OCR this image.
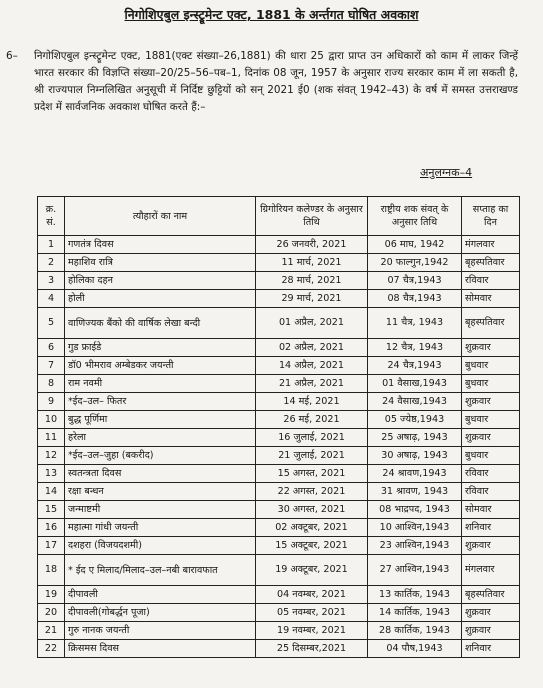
निगोशिएबुल इन्स्ट्रूमेन्ट एक्ट, 1881 के अर्न्तगत घोषित अवकाश
6– निगोशिएबुल इन्स्ट्रूमेन्ट एक्ट, 1881(एक्ट संख्या–26,1881) की धारा 25 द्वारा प्राप्त उन अधिकारों को काम में लाकर जिन्हें भारत सरकार की विज्ञप्ति संख्या–20/25–56–पब–1, दिनांक 08 जून, 1957 के अनुसार राज्य सरकार काम में ला सकती है, श्री राज्यपाल निम्नलिखित अनुसूची में निर्दिष्ट छुट्टियों को सन् 2021 ई0 (शक संवत् 1942–43) के वर्ष में समस्त उत्तराखण्ड प्रदेश में सार्वजनिक अवकाश घोषित करते हैं:–
अनुलग्नक–4
क्र. सं.	त्यौहारों का नाम	ग्रिगोरियन कलेण्डर के अनुसार तिथि	राष्ट्रीय शक संवत् के अनुसार तिथि	सप्ताह का दिन
1	गणतंत्र दिवस	26 जनवरी, 2021	06 माघ, 1942	मंगलवार
2	महाशिव रात्रि	11 मार्च, 2021	20 फाल्गुन,1942	बृहस्पतिवार
3	होलिका दहन	28 मार्च, 2021	07 चैत्र,1943	रविवार
4	होली	29 मार्च, 2021	08 चैत्र,1943	सोमवार
5	वाणिज्यक बैंको की वार्षिक लेखा बन्दी	01 अप्रैल, 2021	11 चैत्र, 1943	बृहस्पतिवार
6	गुड फ्राईडे	02 अप्रैल, 2021	12 चैत्र, 1943	शुक्रवार
7	डॉ0 भीमराव अम्बेडकर जयन्ती	14 अप्रैल, 2021	24 चैत्र,1943	बुधवार
8	राम नवमी	21 अप्रैल, 2021	01 वैसाख,1943	बुधवार
9	*ईद–उल– फितर	14 मई, 2021	24 वैसाख,1943	शुक्रवार
10	बुद्ध पूर्णिमा	26 मई, 2021	05 ज्येष्ठ,1943	बुधवार
11	हरेला	16 जुलाई, 2021	25 अषाढ़, 1943	शुक्रवार
12	*ईद–उल–जुहा (बकरीद)	21 जुलाई, 2021	30 अषाढ़, 1943	बुधवार
13	स्वतन्त्रता दिवस	15 अगस्त, 2021	24 श्रावण,1943	रविवार
14	रक्षा बन्धन	22 अगस्त, 2021	31 श्रावण, 1943	रविवार
15	जन्माष्टमी	30 अगस्त, 2021	08 भाद्रपद, 1943	सोमवार
16	महात्मा गांधी जयन्ती	02 अक्टूबर, 2021	10 आश्विन,1943	शनिवार
17	दशहरा (विजयदशमी)	15 अक्टूबर, 2021	23 आश्विन,1943	शुक्रवार
18	* ईद ए मिलाद/मिलाद–उल–नबी बारावफात	19 अक्टूबर, 2021	27 आश्विन,1943	मंगलवार
19	दीपावली	04 नवम्बर, 2021	13 कार्तिक, 1943	बृहस्पतिवार
20	दीपावली(गोबर्द्धन पूजा)	05 नवम्बर, 2021	14 कार्तिक, 1943	शुक्रवार
21	गुरु नानक जयन्ती	19 नवम्बर, 2021	28 कार्तिक, 1943	शुक्रवार
22	क्रिसमस दिवस	25 दिसम्बर,2021	04 पौष,1943	शनिवार
